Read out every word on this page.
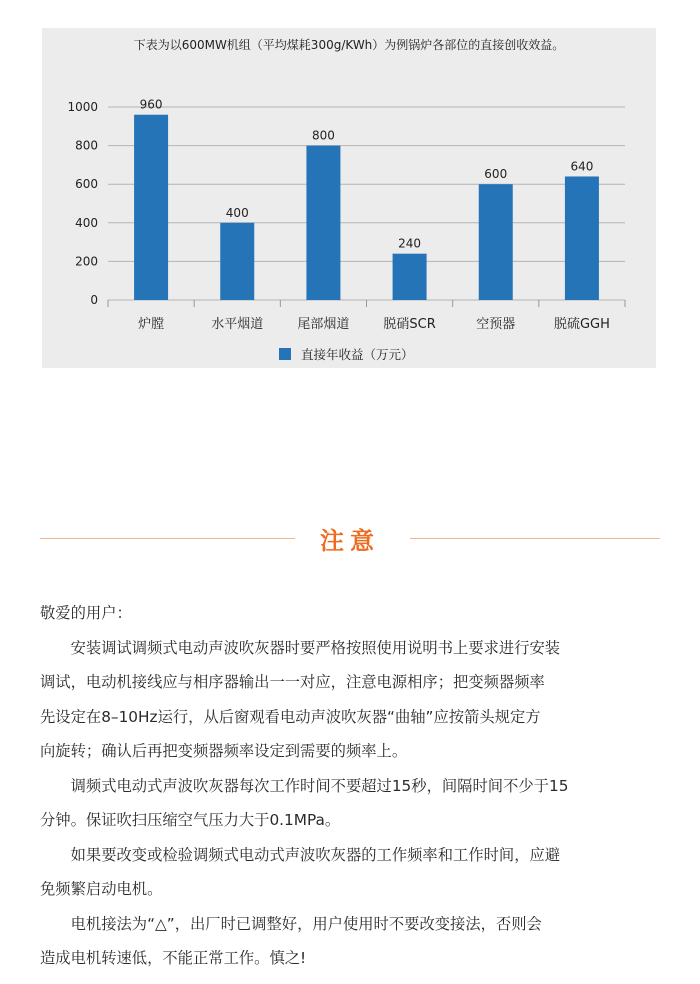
下表为以600MW机组（平均煤耗300g/KWh）为例锅炉各部位的直接创收效益。
0
200
400
600
800
1000	960
炉膛
400
水平烟道
800
尾部烟道
240
脱硝SCR
600
空预器
640
脱硫GGH
直接年收益（万元）
注意

敬爱的用户：

安装调试调频式电动声波吹灰器时要严格按照使用说明书上要求进行安装

调试，电动机接线应与相序器输出一一对应，注意电源相序；把变频器频率

先设定在8–10Hz运行，从后窗观看电动声波吹灰器“曲轴”应按箭头规定方

向旋转；确认后再把变频器频率设定到需要的频率上。

调频式电动式声波吹灰器每次工作时间不要超过15秒，间隔时间不少于15

分钟。保证吹扫压缩空气压力大于0.1MPa。

如果要改变或检验调频式电动式声波吹灰器的工作频率和工作时间，应避

免频繁启动电机。

电机接法为“△”，出厂时已调整好，用户使用时不要改变接法，否则会

造成电机转速低，不能正常工作。慎之!
